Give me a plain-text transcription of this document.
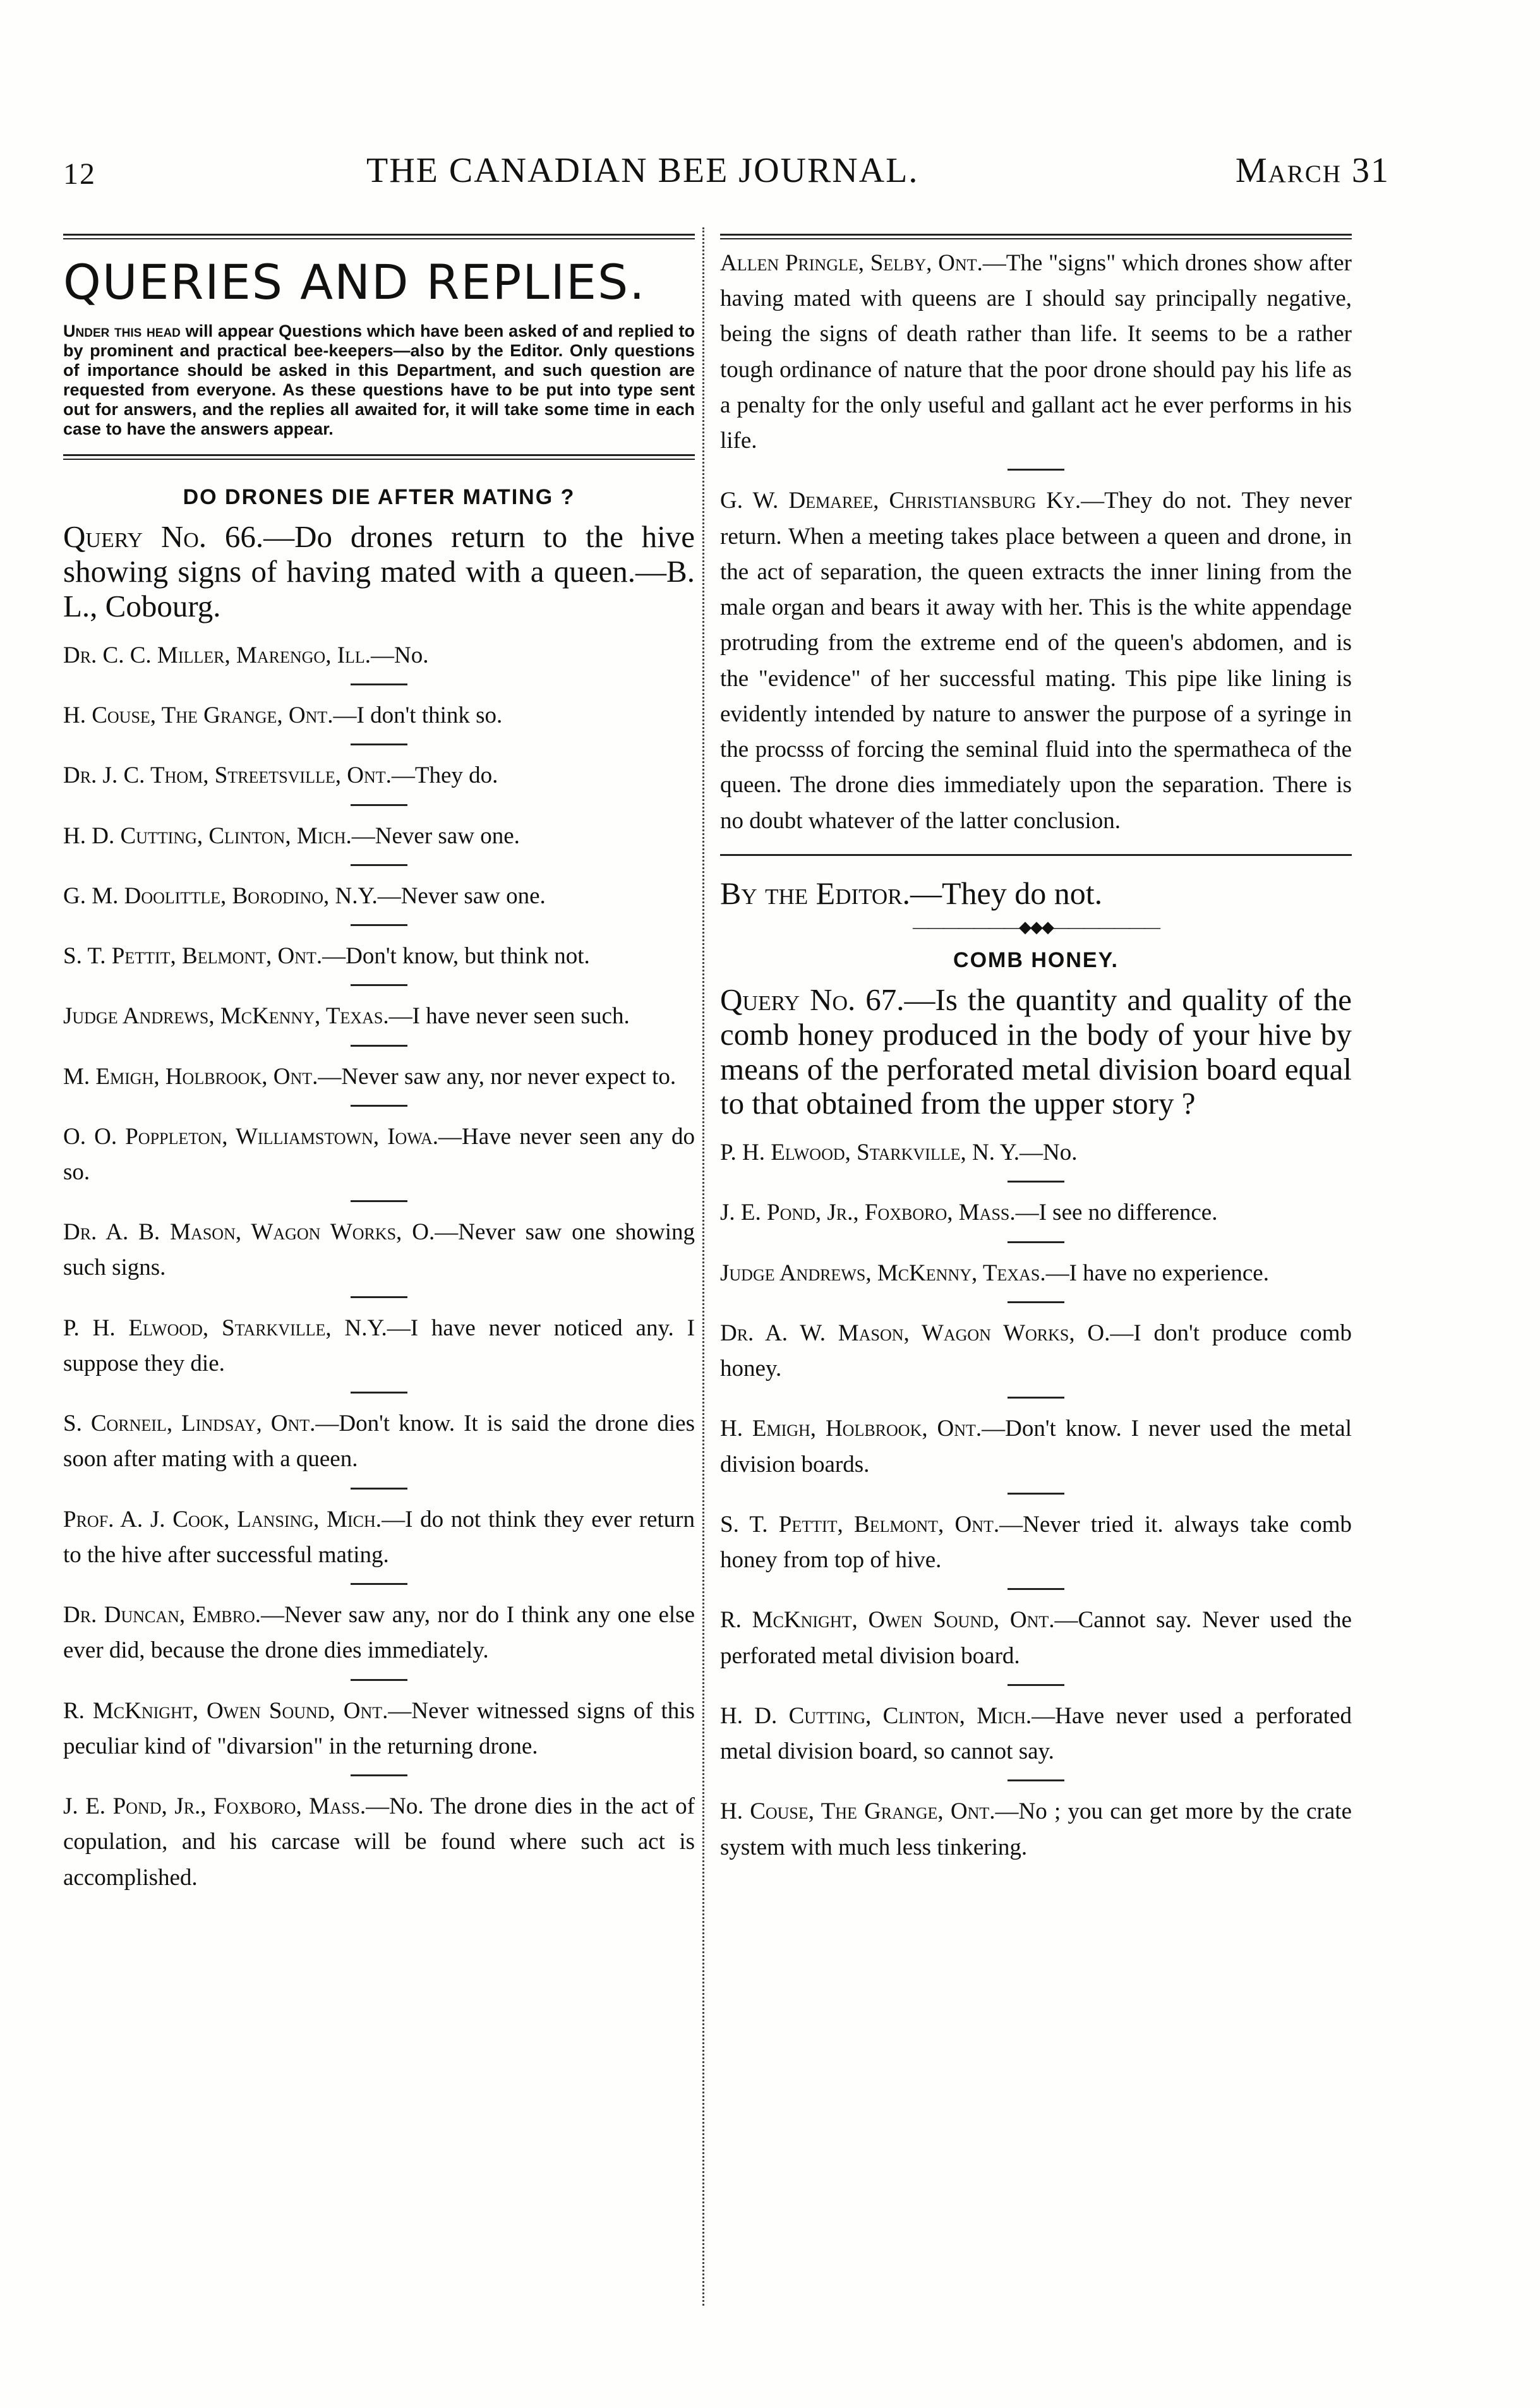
12	THE CANADIAN BEE JOURNAL.	March 31
QUERIES AND REPLIES.

Under this head will appear Questions which have been asked of and replied to by prominent and practical bee-keepers—also by the Editor. Only questions of importance should be asked in this Department, and such question are requested from everyone. As these questions have to be put into type sent out for answers, and the replies all awaited for, it will take some time in each case to have the answers appear.

DO DRONES DIE AFTER MATING ?

Query No. 66.—Do drones return to the hive showing signs of having mated with a queen.—B. L., Cobourg.

Dr. C. C. Miller, Marengo, Ill.—No.

H. Couse, The Grange, Ont.—I don't think so.

Dr. J. C. Thom, Streetsville, Ont.—They do.

H. D. Cutting, Clinton, Mich.—Never saw one.

G. M. Doolittle, Borodino, N.Y.—Never saw one.

S. T. Pettit, Belmont, Ont.—Don't know, but think not.

Judge Andrews, McKenny, Texas.—I have never seen such.

M. Emigh, Holbrook, Ont.—Never saw any, nor never expect to.

O. O. Poppleton, Williamstown, Iowa.—Have never seen any do so.

Dr. A. B. Mason, Wagon Works, O.—Never saw one showing such signs.

P. H. Elwood, Starkville, N.Y.—I have never noticed any. I suppose they die.

S. Corneil, Lindsay, Ont.—Don't know. It is said the drone dies soon after mating with a queen.

Prof. A. J. Cook, Lansing, Mich.—I do not think they ever return to the hive after successful mating.

Dr. Duncan, Embro.—Never saw any, nor do I think any one else ever did, because the drone dies immediately.

R. McKnight, Owen Sound, Ont.—Never witnessed signs of this peculiar kind of "divarsion" in the returning drone.

J. E. Pond, Jr., Foxboro, Mass.—No. The drone dies in the act of copulation, and his carcase will be found where such act is accomplished.

Allen Pringle, Selby, Ont.—The "signs" which drones show after having mated with queens are I should say principally negative, being the signs of death rather than life. It seems to be a rather tough ordinance of nature that the poor drone should pay his life as a penalty for the only useful and gallant act he ever performs in his life.

G. W. Demaree, Christiansburg Ky.—They do not. They never return. When a meeting takes place between a queen and drone, in the act of separation, the queen extracts the inner lining from the male organ and bears it away with her. This is the white appendage protruding from the extreme end of the queen's abdomen, and is the "evidence" of her successful mating. This pipe like lining is evidently intended by nature to answer the purpose of a syringe in the procsss of forcing the seminal fluid into the spermatheca of the queen. The drone dies immediately upon the separation. There is no doubt whatever of the latter conclusion.

By the Editor.—They do not.

———————◆◆◆———————
COMB HONEY.

Query No. 67.—Is the quantity and quality of the comb honey produced in the body of your hive by means of the perforated metal division board equal to that obtained from the upper story ?

P. H. Elwood, Starkville, N. Y.—No.

J. E. Pond, Jr., Foxboro, Mass.—I see no difference.

Judge Andrews, McKenny, Texas.—I have no experience.

Dr. A. W. Mason, Wagon Works, O.—I don't produce comb honey.

H. Emigh, Holbrook, Ont.—Don't know. I never used the metal division boards.

S. T. Pettit, Belmont, Ont.—Never tried it. always take comb honey from top of hive.

R. McKnight, Owen Sound, Ont.—Cannot say. Never used the perforated metal division board.

H. D. Cutting, Clinton, Mich.—Have never used a perforated metal division board, so cannot say.

H. Couse, The Grange, Ont.—No ; you can get more by the crate system with much less tinkering.
